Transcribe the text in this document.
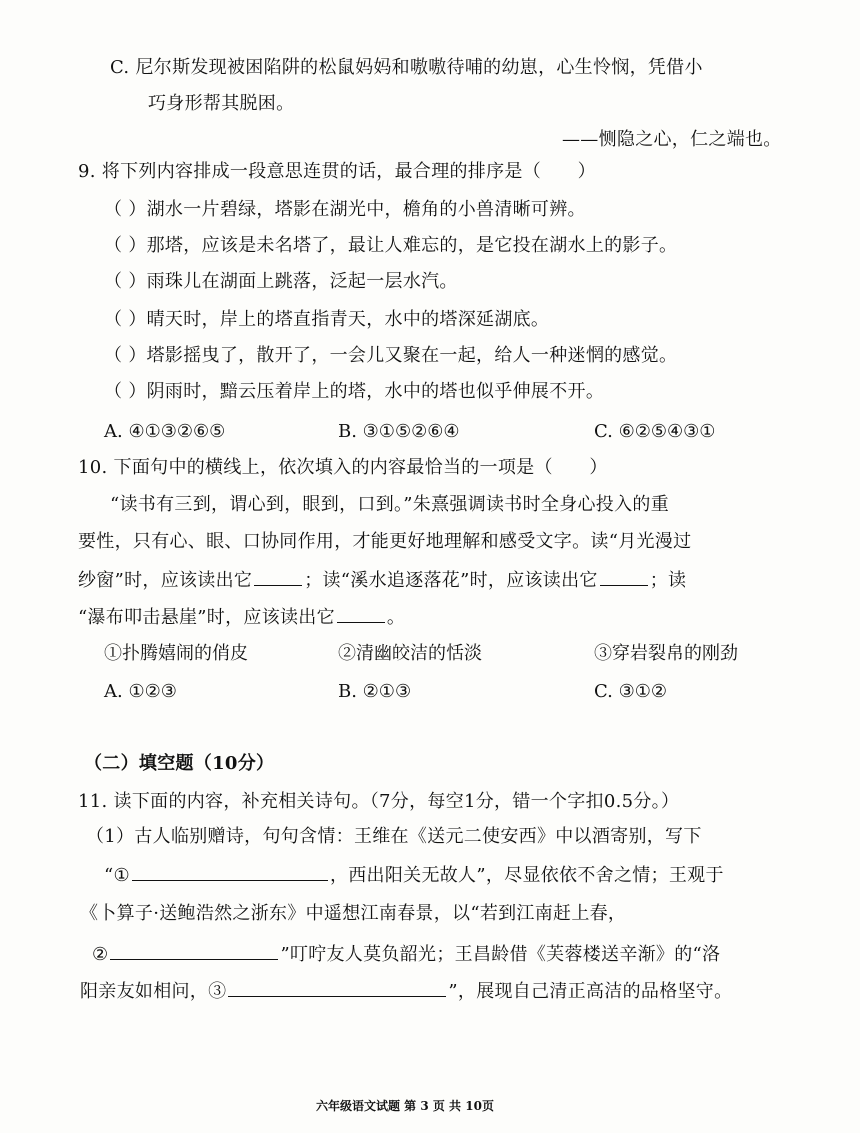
C. 尼尔斯发现被困陷阱的松鼠妈妈和嗷嗷待哺的幼崽，心生怜悯，凭借小
巧身形帮其脱困。
——恻隐之心，仁之端也。
9. 将下列内容排成一段意思连贯的话，最合理的排序是（　　）
（ ）湖水一片碧绿，塔影在湖光中，檐角的小兽清晰可辨。
（ ）那塔，应该是未名塔了，最让人难忘的，是它投在湖水上的影子。
（ ）雨珠儿在湖面上跳落，泛起一层水汽。
（ ）晴天时，岸上的塔直指青天，水中的塔深延湖底。
（ ）塔影摇曳了，散开了，一会儿又聚在一起，给人一种迷惘的感觉。
（ ）阴雨时，黯云压着岸上的塔，水中的塔也似乎伸展不开。
A. ④①③②⑥⑤	B. ③①⑤②⑥④	C. ⑥②⑤④③①
10. 下面句中的横线上，依次填入的内容最恰当的一项是（　　）
“读书有三到，谓心到，眼到，口到。”朱熹强调读书时全身心投入的重
要性，只有心、眼、口协同作用，才能更好地理解和感受文字。读“月光漫过
纱窗”时，应该读出它	；读“溪水追逐落花”时，应该读出它	；读
“瀑布叩击悬崖”时，应该读出它	。
①扑腾嬉闹的俏皮	②清幽皎洁的恬淡	③穿岩裂帛的刚劲
A. ①②③	B. ②①③	C. ③①②
（二）填空题（10分）
11. 读下面的内容，补充相关诗句。（7分，每空1分，错一个字扣0.5分。）
（1）古人临别赠诗，句句含情：王维在《送元二使安西》中以酒寄别，写下
“①	，西出阳关无故人”，尽显依依不舍之情；王观于
《卜算子·送鲍浩然之浙东》中遥想江南春景，以“若到江南赶上春，
②	”叮咛友人莫负韶光；王昌龄借《芙蓉楼送辛渐》的“洛
阳亲友如相问，③	”，展现自己清正高洁的品格坚守。
六年级语文试题 第 3 页 共 10页
